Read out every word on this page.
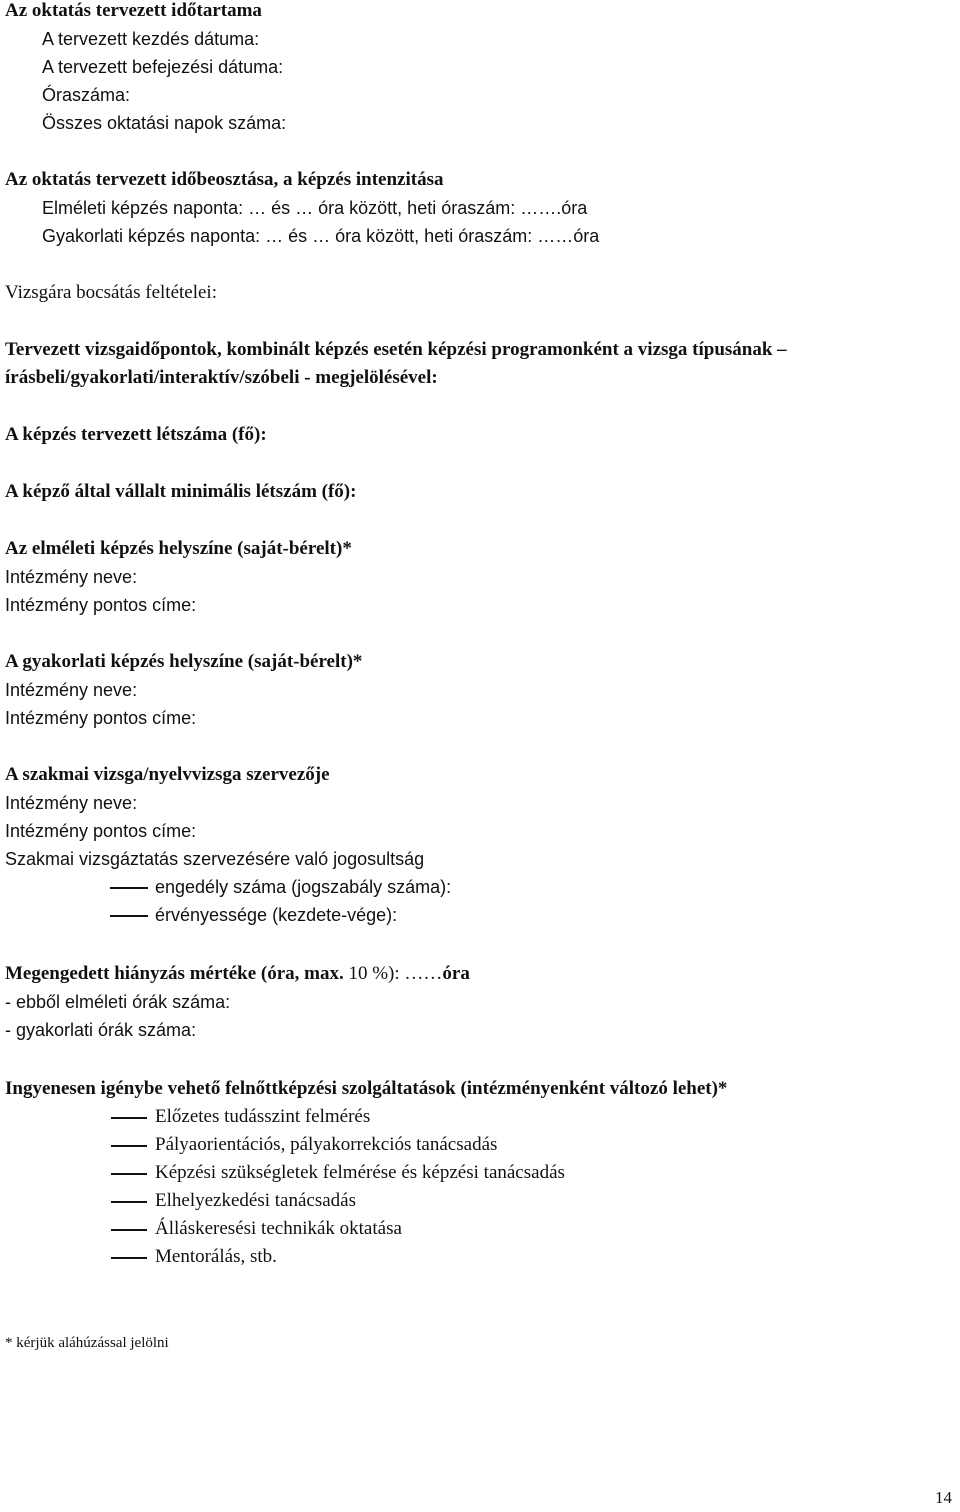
Az oktatás tervezett időtartama
A tervezett kezdés dátuma:
A tervezett befejezési dátuma:
Óraszáma:
Összes oktatási napok száma:
Az oktatás tervezett időbeosztása, a képzés intenzitása
Elméleti képzés naponta: … és … óra között, heti óraszám: …….óra
Gyakorlati képzés naponta: … és … óra között, heti óraszám: ……óra
Vizsgára bocsátás feltételei:
Tervezett vizsgaidőpontok, kombinált képzés esetén képzési programonként a vizsga típusának –
írásbeli/gyakorlati/interaktív/szóbeli - megjelölésével:
A képzés tervezett létszáma (fő):
A képző által vállalt minimális létszám (fő):
Az elméleti képzés helyszíne (saját-bérelt)*
Intézmény neve:
Intézmény pontos címe:
A gyakorlati képzés helyszíne (saját-bérelt)*
Intézmény neve:
Intézmény pontos címe:
A szakmai vizsga/nyelvvizsga szervezője
Intézmény neve:
Intézmény pontos címe:
Szakmai vizsgáztatás szervezésére való jogosultság
engedély száma (jogszabály száma):
érvényessége (kezdete-vége):
Megengedett hiányzás mértéke (óra, max. 10 %): ……óra
- ebből elméleti órák száma:
- gyakorlati órák száma:
Ingyenesen igénybe vehető felnőttképzési szolgáltatások (intézményenként változó lehet)*
Előzetes tudásszint felmérés
Pályaorientációs, pályakorrekciós tanácsadás
Képzési szükségletek felmérése és képzési tanácsadás
Elhelyezkedési tanácsadás
Álláskeresési technikák oktatása
Mentorálás, stb.
* kérjük aláhúzással jelölni
14
